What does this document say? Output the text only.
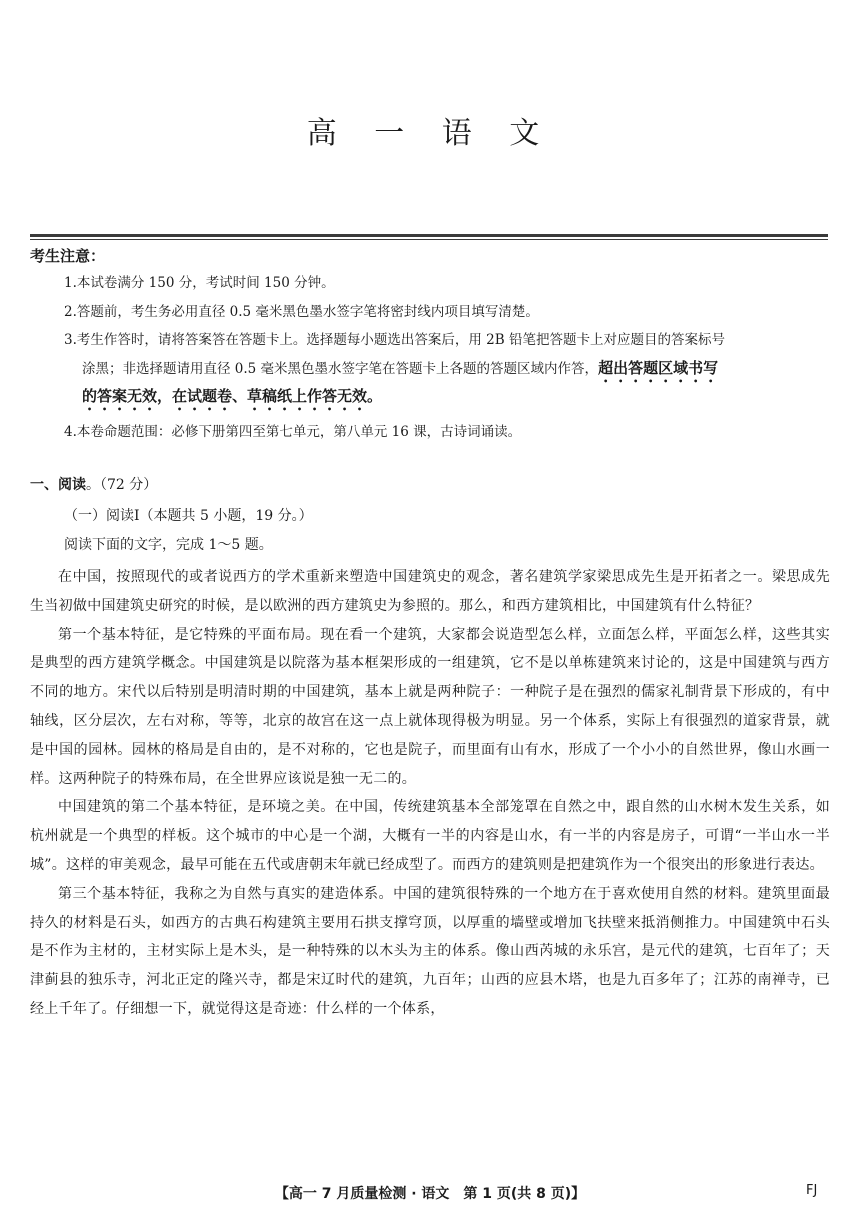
高 一 语 文
考生注意：
1.本试卷满分 150 分，考试时间 150 分钟。
2.答题前，考生务必用直径 0.5 毫米黑色墨水签字笔将密封线内项目填写清楚。
3.考生作答时，请将答案答在答题卡上。选择题每小题选出答案后，用 2B 铅笔把答题卡上对应题目的答案标号
涂黑；非选择题请用直径 0.5 毫米黑色墨水签字笔在答题卡上各题的答题区域内作答，超出答题区域书写
的答案无效，在试题卷、草稿纸上作答无效。
4.本卷命题范围：必修下册第四至第七单元，第八单元 16 课，古诗词诵读。
一、阅读。（72 分）
（一）阅读Ⅰ（本题共 5 小题，19 分。）
阅读下面的文字，完成 1～5 题。

在中国，按照现代的或者说西方的学术重新来塑造中国建筑史的观念，著名建筑学家梁思成先生是开拓者之一。梁思成先生当初做中国建筑史研究的时候，是以欧洲的西方建筑史为参照的。那么，和西方建筑相比，中国建筑有什么特征？

第一个基本特征，是它特殊的平面布局。现在看一个建筑，大家都会说造型怎么样，立面怎么样，平面怎么样，这些其实是典型的西方建筑学概念。中国建筑是以院落为基本框架形成的一组建筑，它不是以单栋建筑来讨论的，这是中国建筑与西方不同的地方。宋代以后特别是明清时期的中国建筑，基本上就是两种院子：一种院子是在强烈的儒家礼制背景下形成的，有中轴线，区分层次，左右对称，等等，北京的故宫在这一点上就体现得极为明显。另一个体系，实际上有很强烈的道家背景，就是中国的园林。园林的格局是自由的，是不对称的，它也是院子，而里面有山有水，形成了一个小小的自然世界，像山水画一样。这两种院子的特殊布局，在全世界应该说是独一无二的。

中国建筑的第二个基本特征，是环境之美。在中国，传统建筑基本全部笼罩在自然之中，跟自然的山水树木发生关系，如杭州就是一个典型的样板。这个城市的中心是一个湖，大概有一半的内容是山水，有一半的内容是房子，可谓“一半山水一半城”。这样的审美观念，最早可能在五代或唐朝末年就已经成型了。而西方的建筑则是把建筑作为一个很突出的形象进行表达。

第三个基本特征，我称之为自然与真实的建造体系。中国的建筑很特殊的一个地方在于喜欢使用自然的材料。建筑里面最持久的材料是石头，如西方的古典石构建筑主要用石拱支撑穹顶，以厚重的墙壁或增加飞扶壁来抵消侧推力。中国建筑中石头是不作为主材的，主材实际上是木头，是一种特殊的以木头为主的体系。像山西芮城的永乐宫，是元代的建筑，七百年了；天津蓟县的独乐寺，河北正定的隆兴寺，都是宋辽时代的建筑，九百年；山西的应县木塔，也是九百多年了；江苏的南禅寺，已经上千年了。仔细想一下，就觉得这是奇迹：什么样的一个体系，

【高一 7 月质量检测 · 语文　第 1 页(共 8 页)】	FJ
